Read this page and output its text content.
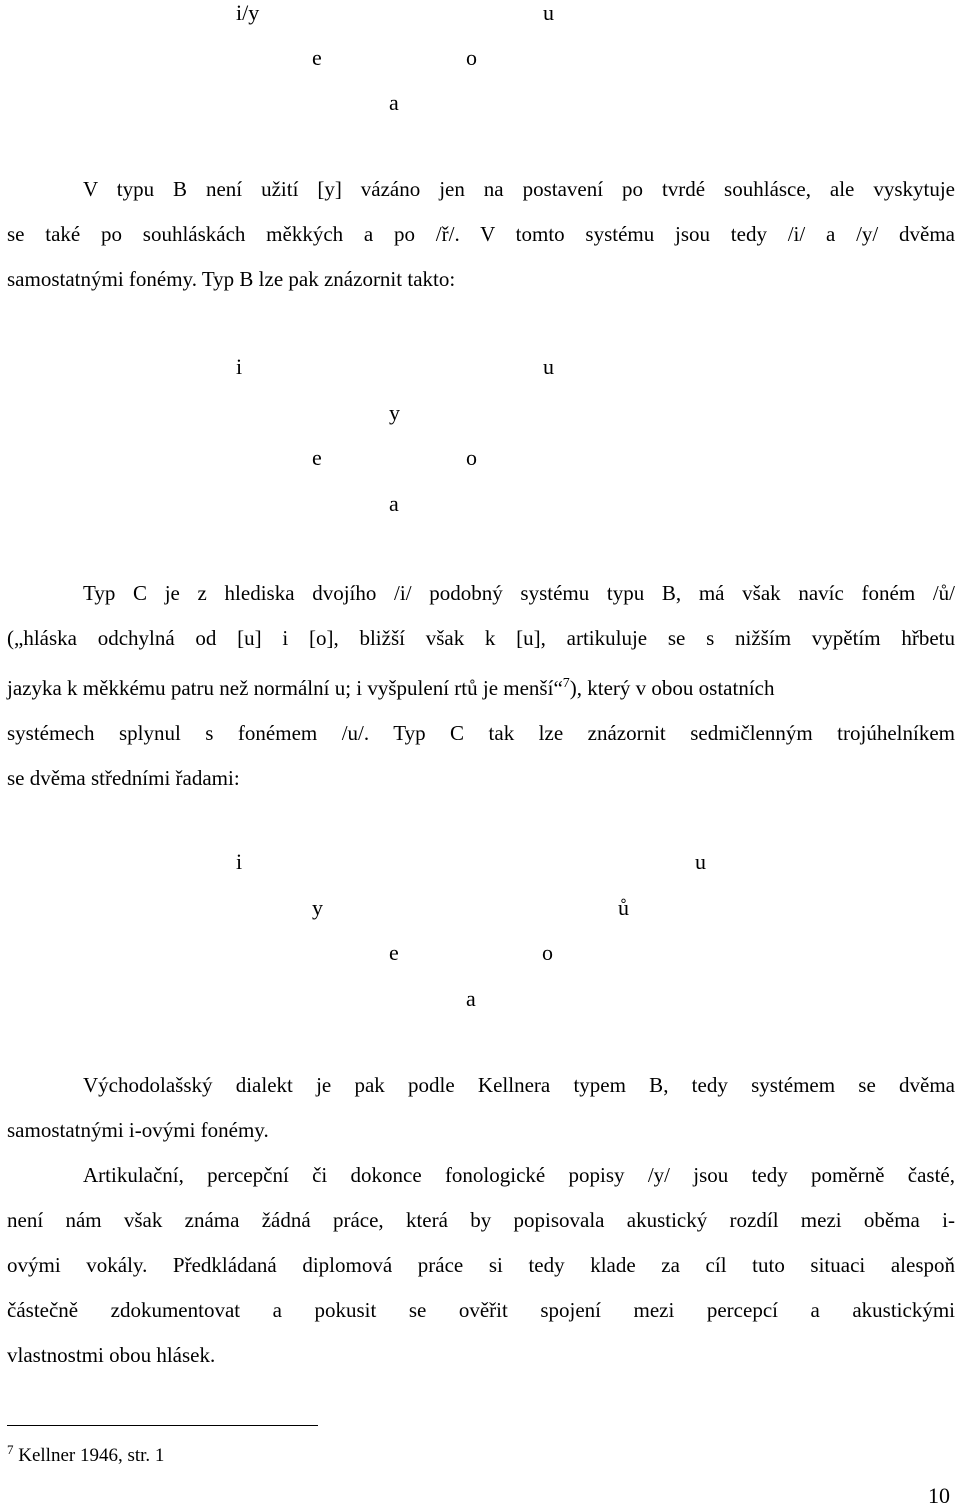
i/y	u
e	o
a
V typu B není užití [y] vázáno jen na postavení po tvrdé souhlásce, ale vyskytuje
se také po souhláskách měkkých a po /ř/. V tomto systému jsou tedy /i/ a /y/ dvěma
samostatnými fonémy. Typ B lze pak znázornit takto:
i	u
y
e	o
a
Typ C je z hlediska dvojího /i/ podobný systému typu B, má však navíc foném /ů/
(„hláska odchylná od [u] i [o], bližší však k [u], artikuluje se s nižším vypětím hřbetu
jazyka k měkkému patru než normální u; i vyšpulení rtů je menší“$^7$), který v obou ostatních
systémech splynul s fonémem /u/. Typ C tak lze znázornit sedmičlenným trojúhelníkem
se dvěma středními řadami:
i	u
y	ů
e	o
a
Východolašský dialekt je pak podle Kellnera typem B, tedy systémem se dvěma
samostatnými i-ovými fonémy.
Artikulační, percepční či dokonce fonologické popisy /y/ jsou tedy poměrně časté,
není nám však známa žádná práce, která by popisovala akustický rozdíl mezi oběma i-
ovými vokály. Předkládaná diplomová práce si tedy klade za cíl tuto situaci alespoň
částečně zdokumentovat a pokusit se ověřit spojení mezi percepcí a akustickými
vlastnostmi obou hlásek.
$^7$ Kellner 1946, str. 1
10
